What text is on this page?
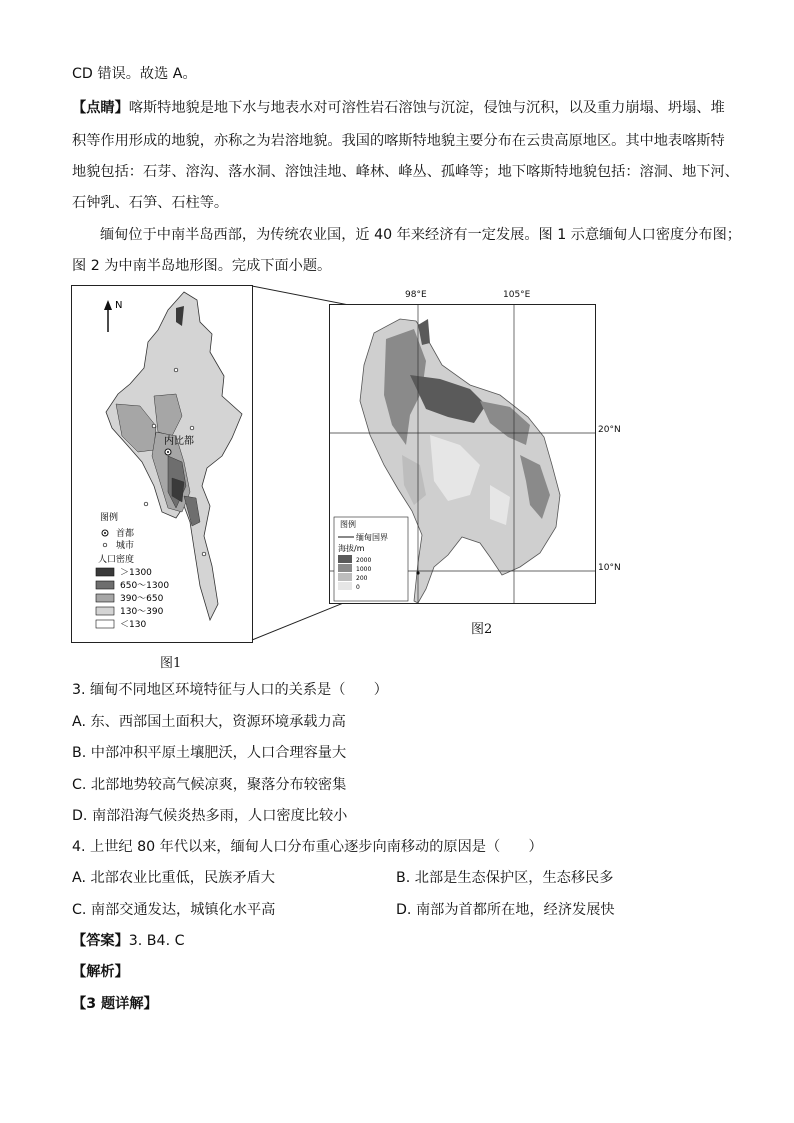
CD 错误。故选 A。
【点睛】喀斯特地貌是地下水与地表水对可溶性岩石溶蚀与沉淀，侵蚀与沉积，以及重力崩塌、坍塌、堆
积等作用形成的地貌，亦称之为岩溶地貌。我国的喀斯特地貌主要分布在云贵高原地区。其中地表喀斯特
地貌包括：石芽、溶沟、落水洞、溶蚀洼地、峰林、峰丛、孤峰等；地下喀斯特地貌包括：溶洞、地下河、
石钟乳、石笋、石柱等。
缅甸位于中南半岛西部，为传统农业国，近 40 年来经济有一定发展。图 1 示意缅甸人口密度分布图；
图 2 为中南半岛地形图。完成下面小题。
N
内比都
图例
首都
城市
人口密度
＞1300
650～1300
390～650
130～390
＜130
图例
缅甸国界
海拔/m
2000
1000
200
0
98°E	105°E
20°N
10°N
图1
图2
3. 缅甸不同地区环境特征与人口的关系是（　　）
A. 东、西部国土面积大，资源环境承载力高
B. 中部冲积平原土壤肥沃，人口合理容量大
C. 北部地势较高气候凉爽，聚落分布较密集
D. 南部沿海气候炎热多雨，人口密度比较小
4. 上世纪 80 年代以来，缅甸人口分布重心逐步向南移动的原因是（　　）
A. 北部农业比重低，民族矛盾大	B. 北部是生态保护区，生态移民多
C. 南部交通发达，城镇化水平高	D. 南部为首都所在地，经济发展快
【答案】3. B4. C
【解析】
【3 题详解】
